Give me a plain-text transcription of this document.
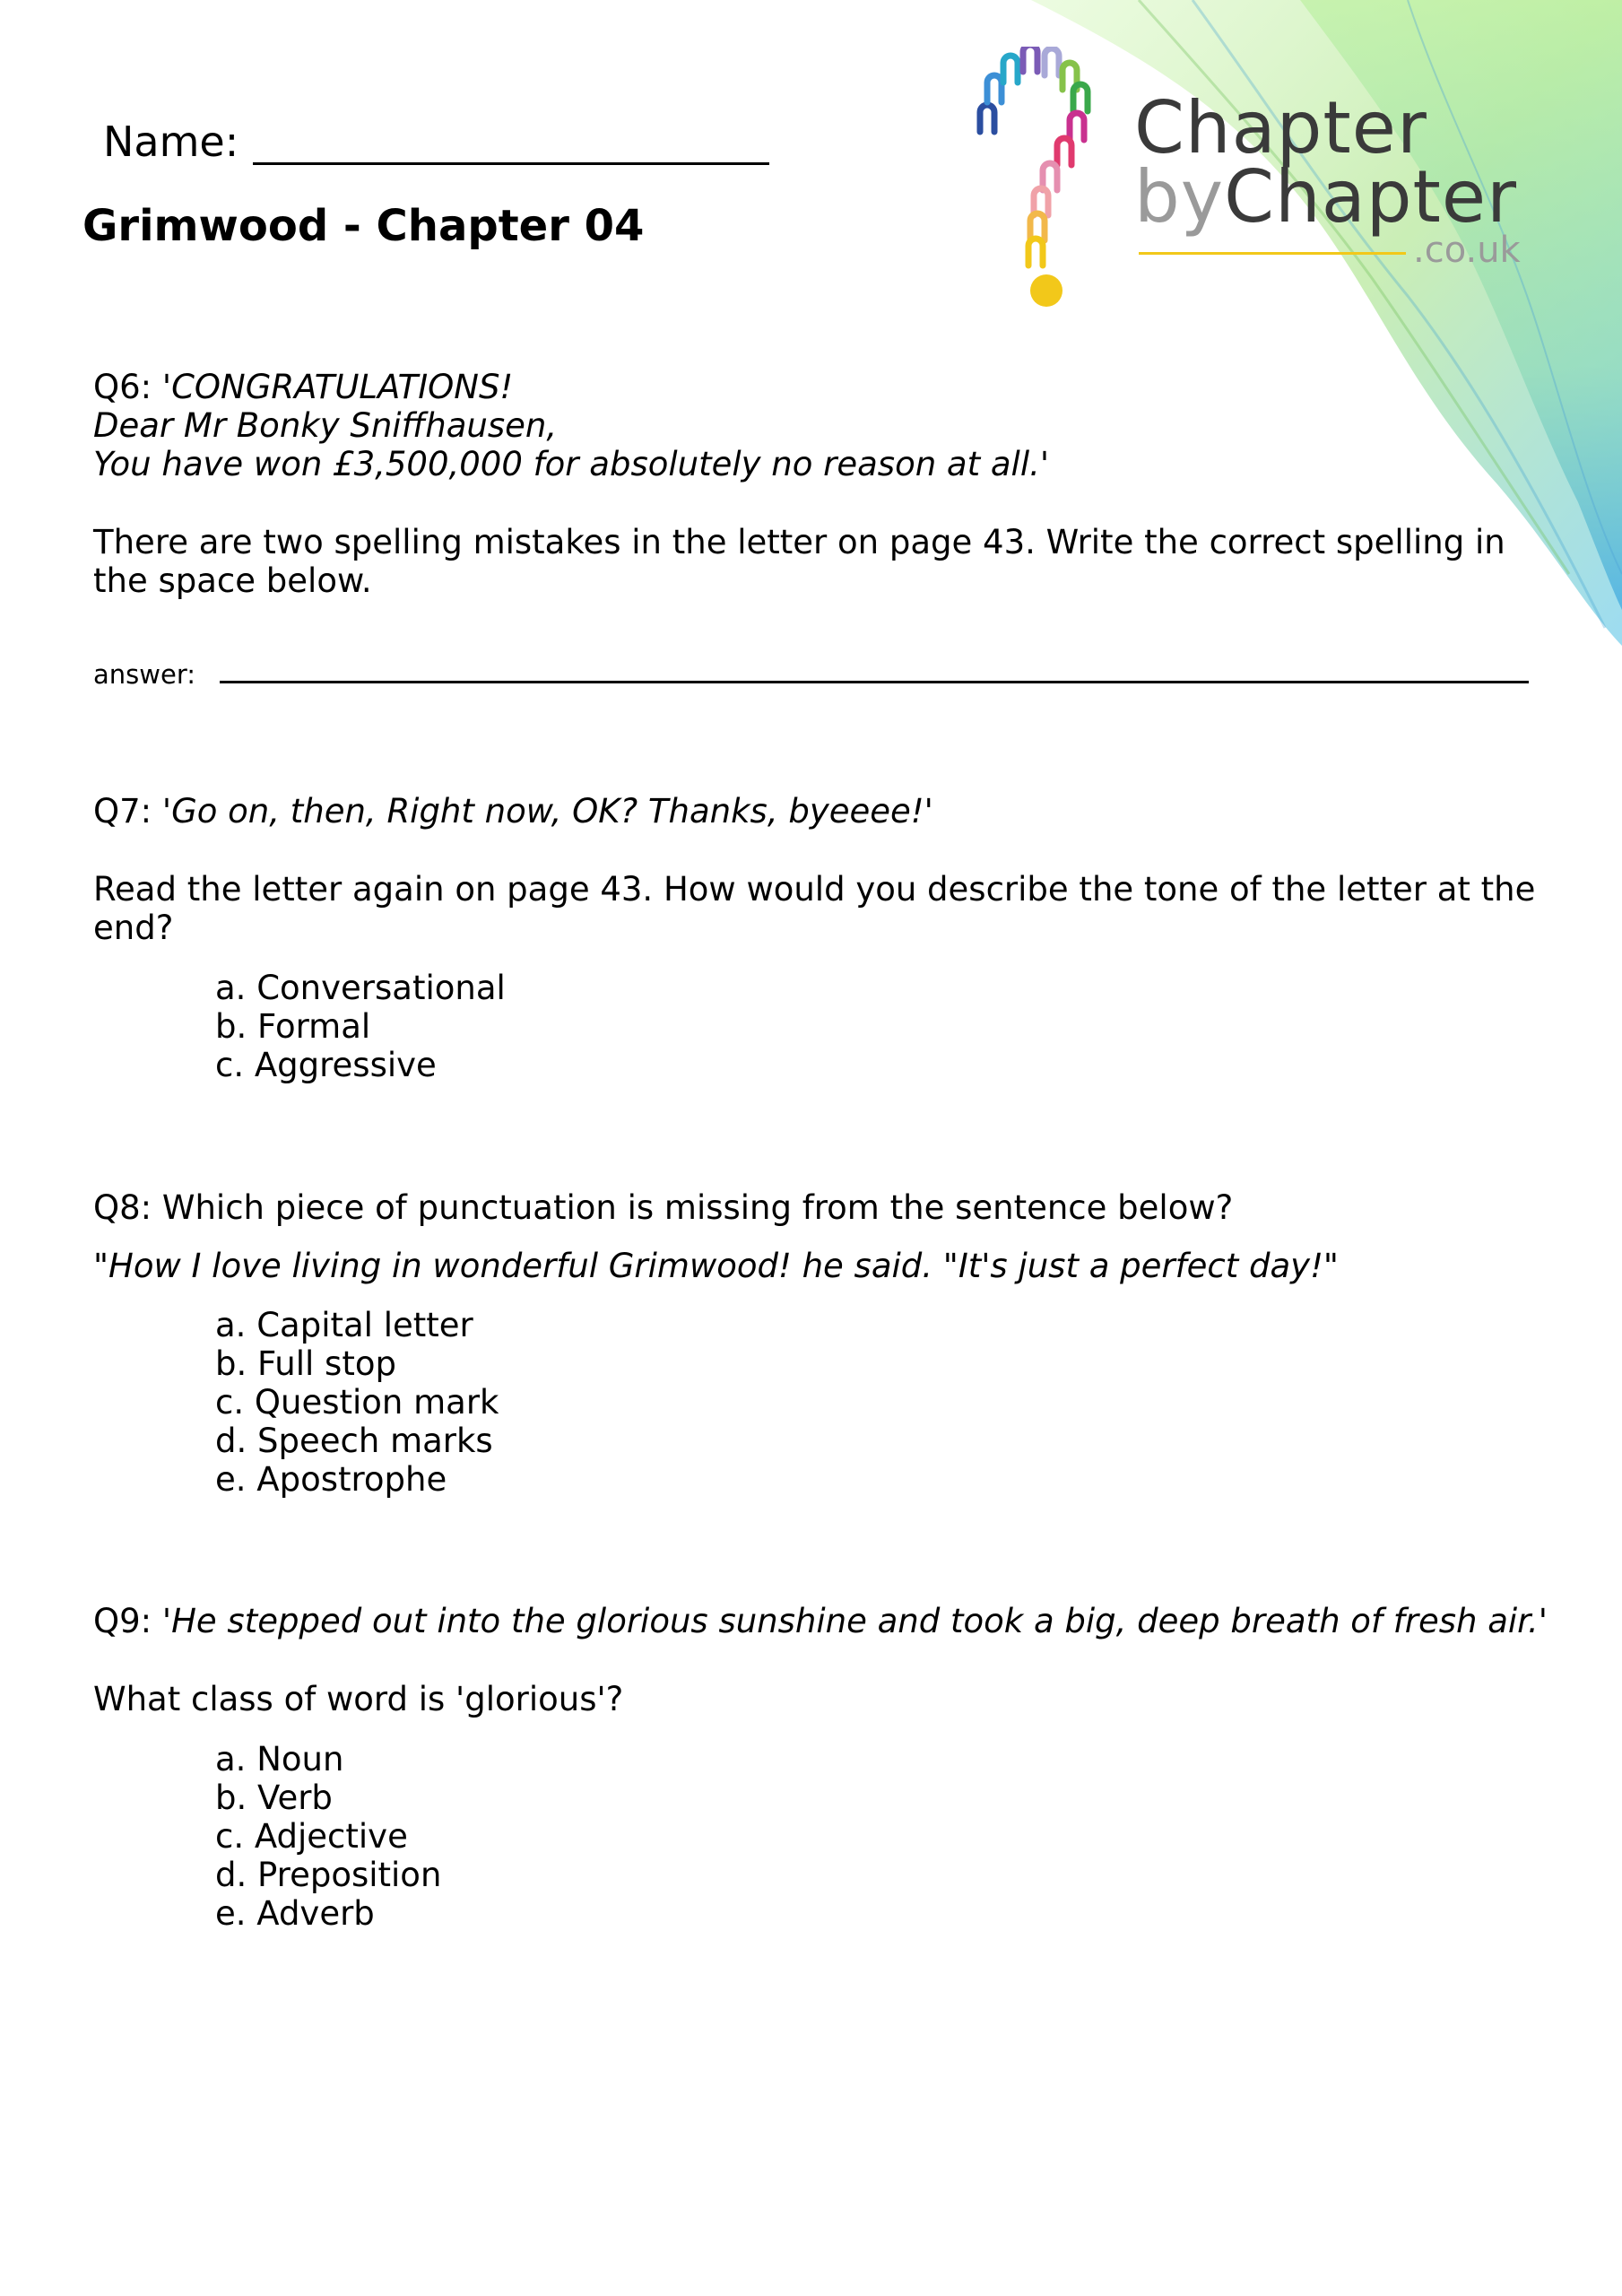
Name:
Grimwood - Chapter 04
Chapter
byChapter
.co.uk
Q6: 'CONGRATULATIONS!
Dear Mr Bonky Sniffhausen,
You have won £3,500,000 for absolutely no reason at all.'
There are two spelling mistakes in the letter on page 43. Write the correct spelling in
the space below.
answer:
Q7: 'Go on, then, Right now, OK? Thanks, byeeee!'
Read the letter again on page 43. How would you describe the tone of the letter at the
end?
a. Conversational
b. Formal
c. Aggressive
Q8: Which piece of punctuation is missing from the sentence below?
"How I love living in wonderful Grimwood! he said. "It's just a perfect day!"
a. Capital letter
b. Full stop
c. Question mark
d. Speech marks
e. Apostrophe
Q9: 'He stepped out into the glorious sunshine and took a big, deep breath of fresh air.'
What class of word is 'glorious'?
a. Noun
b. Verb
c. Adjective
d. Preposition
e. Adverb
